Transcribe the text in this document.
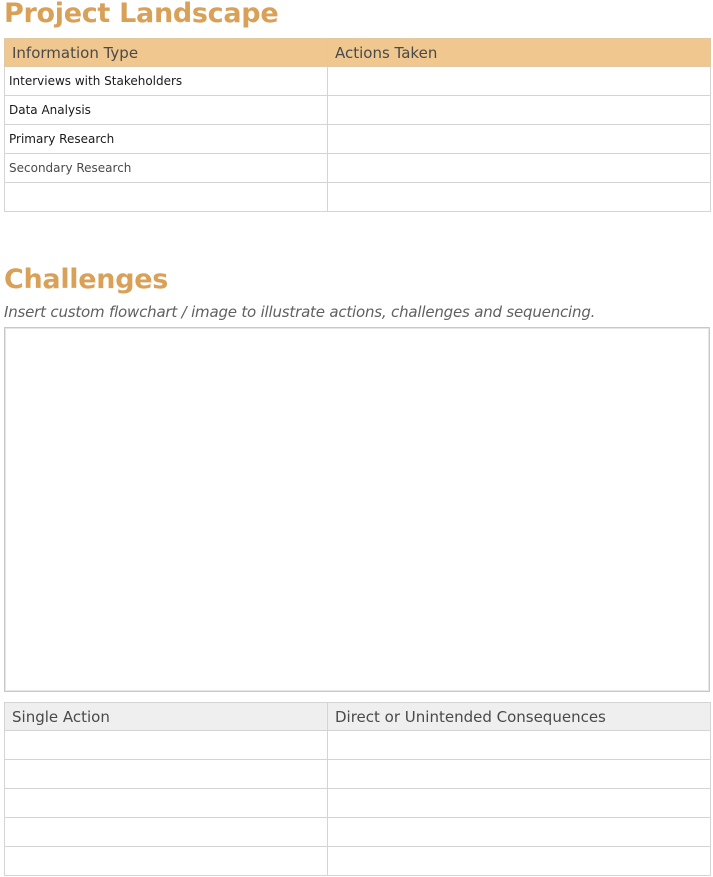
Project Landscape
Information Type	Actions Taken
Interviews with Stakeholders	
Data Analysis	
Primary Research	
Secondary Research	

Challenges

Insert custom flowchart / image to illustrate actions, challenges and sequencing.

Single Action	Direct or Unintended Consequences
